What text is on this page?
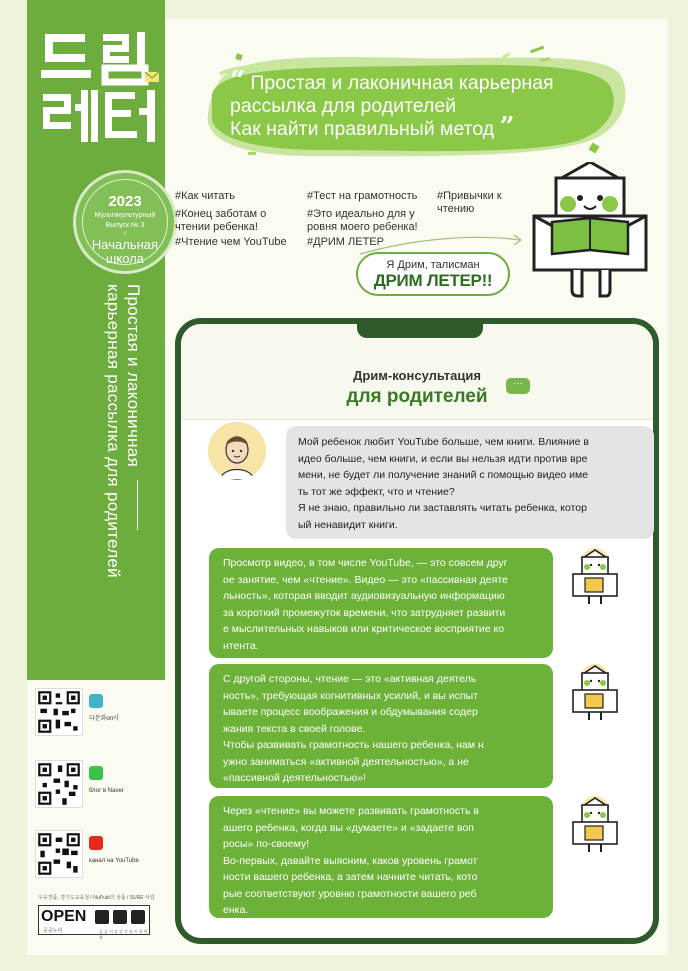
2023
Мультикультурный
Выпуск № 3
+
Начальная школа
Простая и лаконичная
карьерная рассылка для родителей
다문화on이
блог в Naver
канал на YouTube
우유경품, 경기도교육청 / NuPubl의 상품 / SURE 사업
OPEN
공공누리	공 공 저 작 물 자 유 이 용 허 락
“ Простая и лаконичная карьерная
рассылка для родителей
Как найти правильный метод ”
#Как читать
#Конец заботам о чтении ребенка!
#Чтение чем YouTube
#Тест на грамотность
#Это идеально для у ровня моего ребенка!
#ДРИМ ЛЕТЕР
#Привычки к чтению
Я Дрим, талисман
ДРИМ ЛЕТЕР!!
Дрим-консультация
для родителей
···
Мой ребенок любит YouTube больше, чем книги. Влияние в
идео больше, чем книги, и если вы нельзя идти против вре
мени, не будет ли получение знаний с помощью видео име
ть тот же эффект, что и чтение?
Я не знаю, правильно ли заставлять читать ребенка, котор
ый ненавидит книги.
Просмотр видео, в том числе YouTube, — это совсем друг
ое занятие, чем «чтение». Видео — это «пассивная деяте
льность», которая вводит аудиовизуальную информацию
за короткий промежуток времени, что затрудняет развити
е мыслительных навыков или критическое восприятие ко
нтента.
С другой стороны, чтение — это «активная деятель
ность», требующая когнитивных усилий, и вы испыт
ываете процесс воображения и обдумывания содер
жания текста в своей голове.
Чтобы развивать грамотность нашего ребенка, нам н
ужно заниматься «активной деятельностью», а не
«пассивной деятельностью»!
Через «чтение» вы можете развивать грамотность в
ашего ребенка, когда вы «думаете» и «задаете воп
росы» по-своему!
Во-первых, давайте выясним, каков уровень грамот
ности вашего ребенка, а затем начните читать, кото
рые соответствуют уровню грамотности вашего реб
енка.
